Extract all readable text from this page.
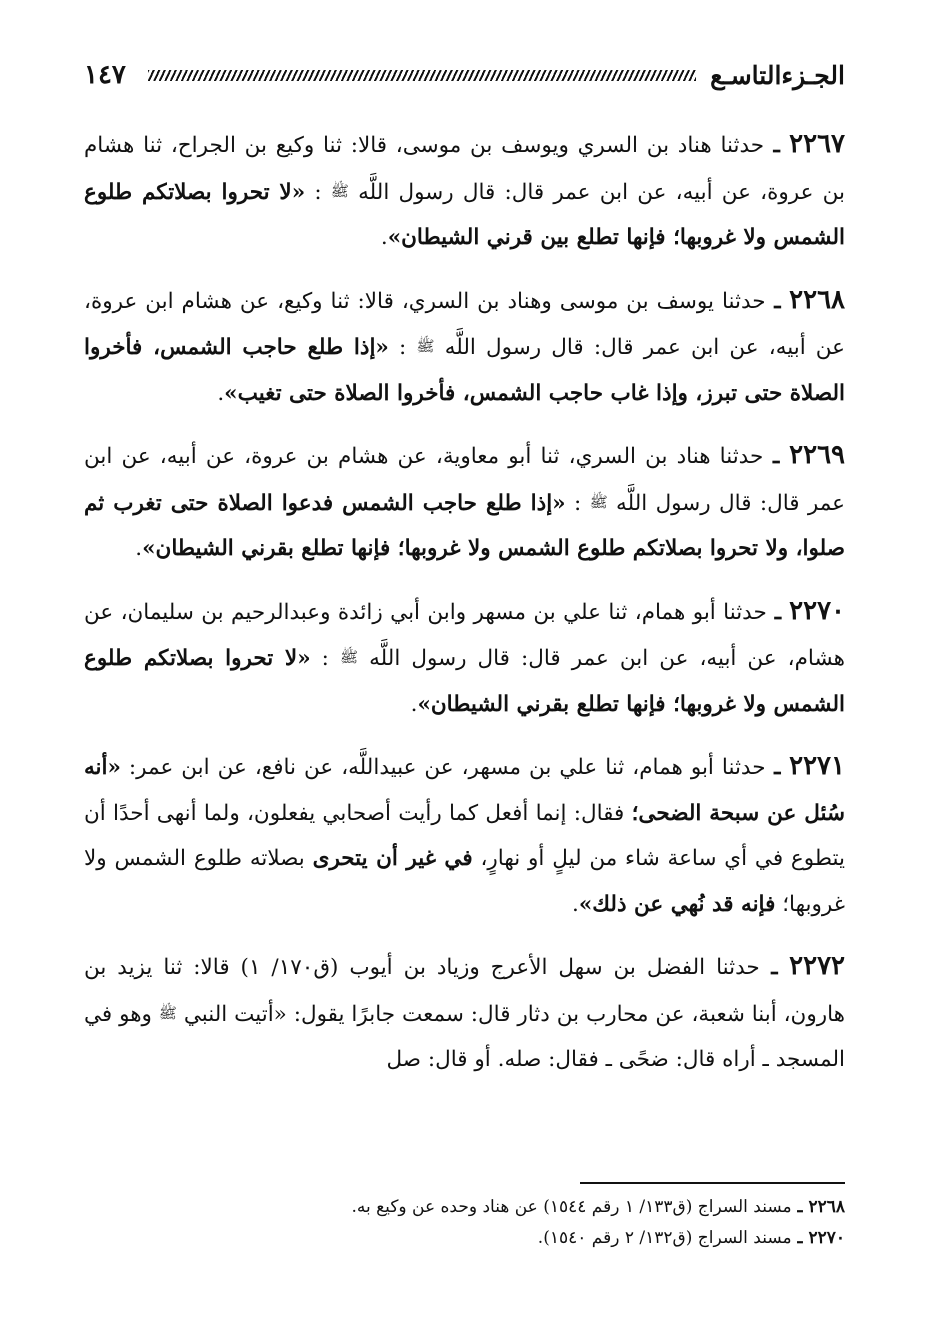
الجـزءالتاسـع
١٤٧

٢٢٦٧ ـ حدثنا هناد بن السري ويوسف بن موسى، قالا: ثنا وكيع بن الجراح، ثنا هشام بن عروة، عن أبيه، عن ابن عمر قال: قال رسول اللَّه ﷺ : «لا تحروا بصلاتكم طلوع الشمس ولا غروبها؛ فإنها تطلع بين قرني الشيطان».

٢٢٦٨ ـ حدثنا يوسف بن موسى وهناد بن السري، قالا: ثنا وكيع، عن هشام ابن عروة، عن أبيه، عن ابن عمر قال: قال رسول اللَّه ﷺ : «إذا طلع حاجب الشمس، فأخروا الصلاة حتى تبرز، وإذا غاب حاجب الشمس، فأخروا الصلاة حتى تغيب».

٢٢٦٩ ـ حدثنا هناد بن السري، ثنا أبو معاوية، عن هشام بن عروة، عن أبيه، عن ابن عمر قال: قال رسول اللَّه ﷺ : «إذا طلع حاجب الشمس فدعوا الصلاة حتى تغرب ثم صلوا، ولا تحروا بصلاتكم طلوع الشمس ولا غروبها؛ فإنها تطلع بقرني الشيطان».

٢٢٧٠ ـ حدثنا أبو همام، ثنا علي بن مسهر وابن أبي زائدة وعبدالرحيم بن سليمان، عن هشام، عن أبيه، عن ابن عمر قال: قال رسول اللَّه ﷺ : «لا تحروا بصلاتكم طلوع الشمس ولا غروبها؛ فإنها تطلع بقرني الشيطان».

٢٢٧١ ـ حدثنا أبو همام، ثنا علي بن مسهر، عن عبيداللَّه، عن نافع، عن ابن عمر: «أنه سُئل عن سبحة الضحى؛ فقال: إنما أفعل كما رأيت أصحابي يفعلون، ولما أنهى أحدًا أن يتطوع في أي ساعة شاء من ليلٍ أو نهارٍ، في غير أن يتحرى بصلاته طلوع الشمس ولا غروبها؛ فإنه قد نُهي عن ذلك».

٢٢٧٢ ـ حدثنا الفضل بن سهل الأعرج وزياد بن أيوب (ق١٧٠/ ١) قالا: ثنا يزيد بن هارون، أبنا شعبة، عن محارب بن دثار قال: سمعت جابرًا يقول: «أتيت النبي ﷺ وهو في المسجد ـ أراه قال: ضحًى ـ فقال: صله. أو قال: صل

٢٢٦٨ ـ مسند السراج (ق١٣٣/ ١ رقم ١٥٤٤) عن هناد وحده عن وكيع به.
٢٢٧٠ ـ مسند السراج (ق١٣٢/ ٢ رقم ١٥٤٠).
